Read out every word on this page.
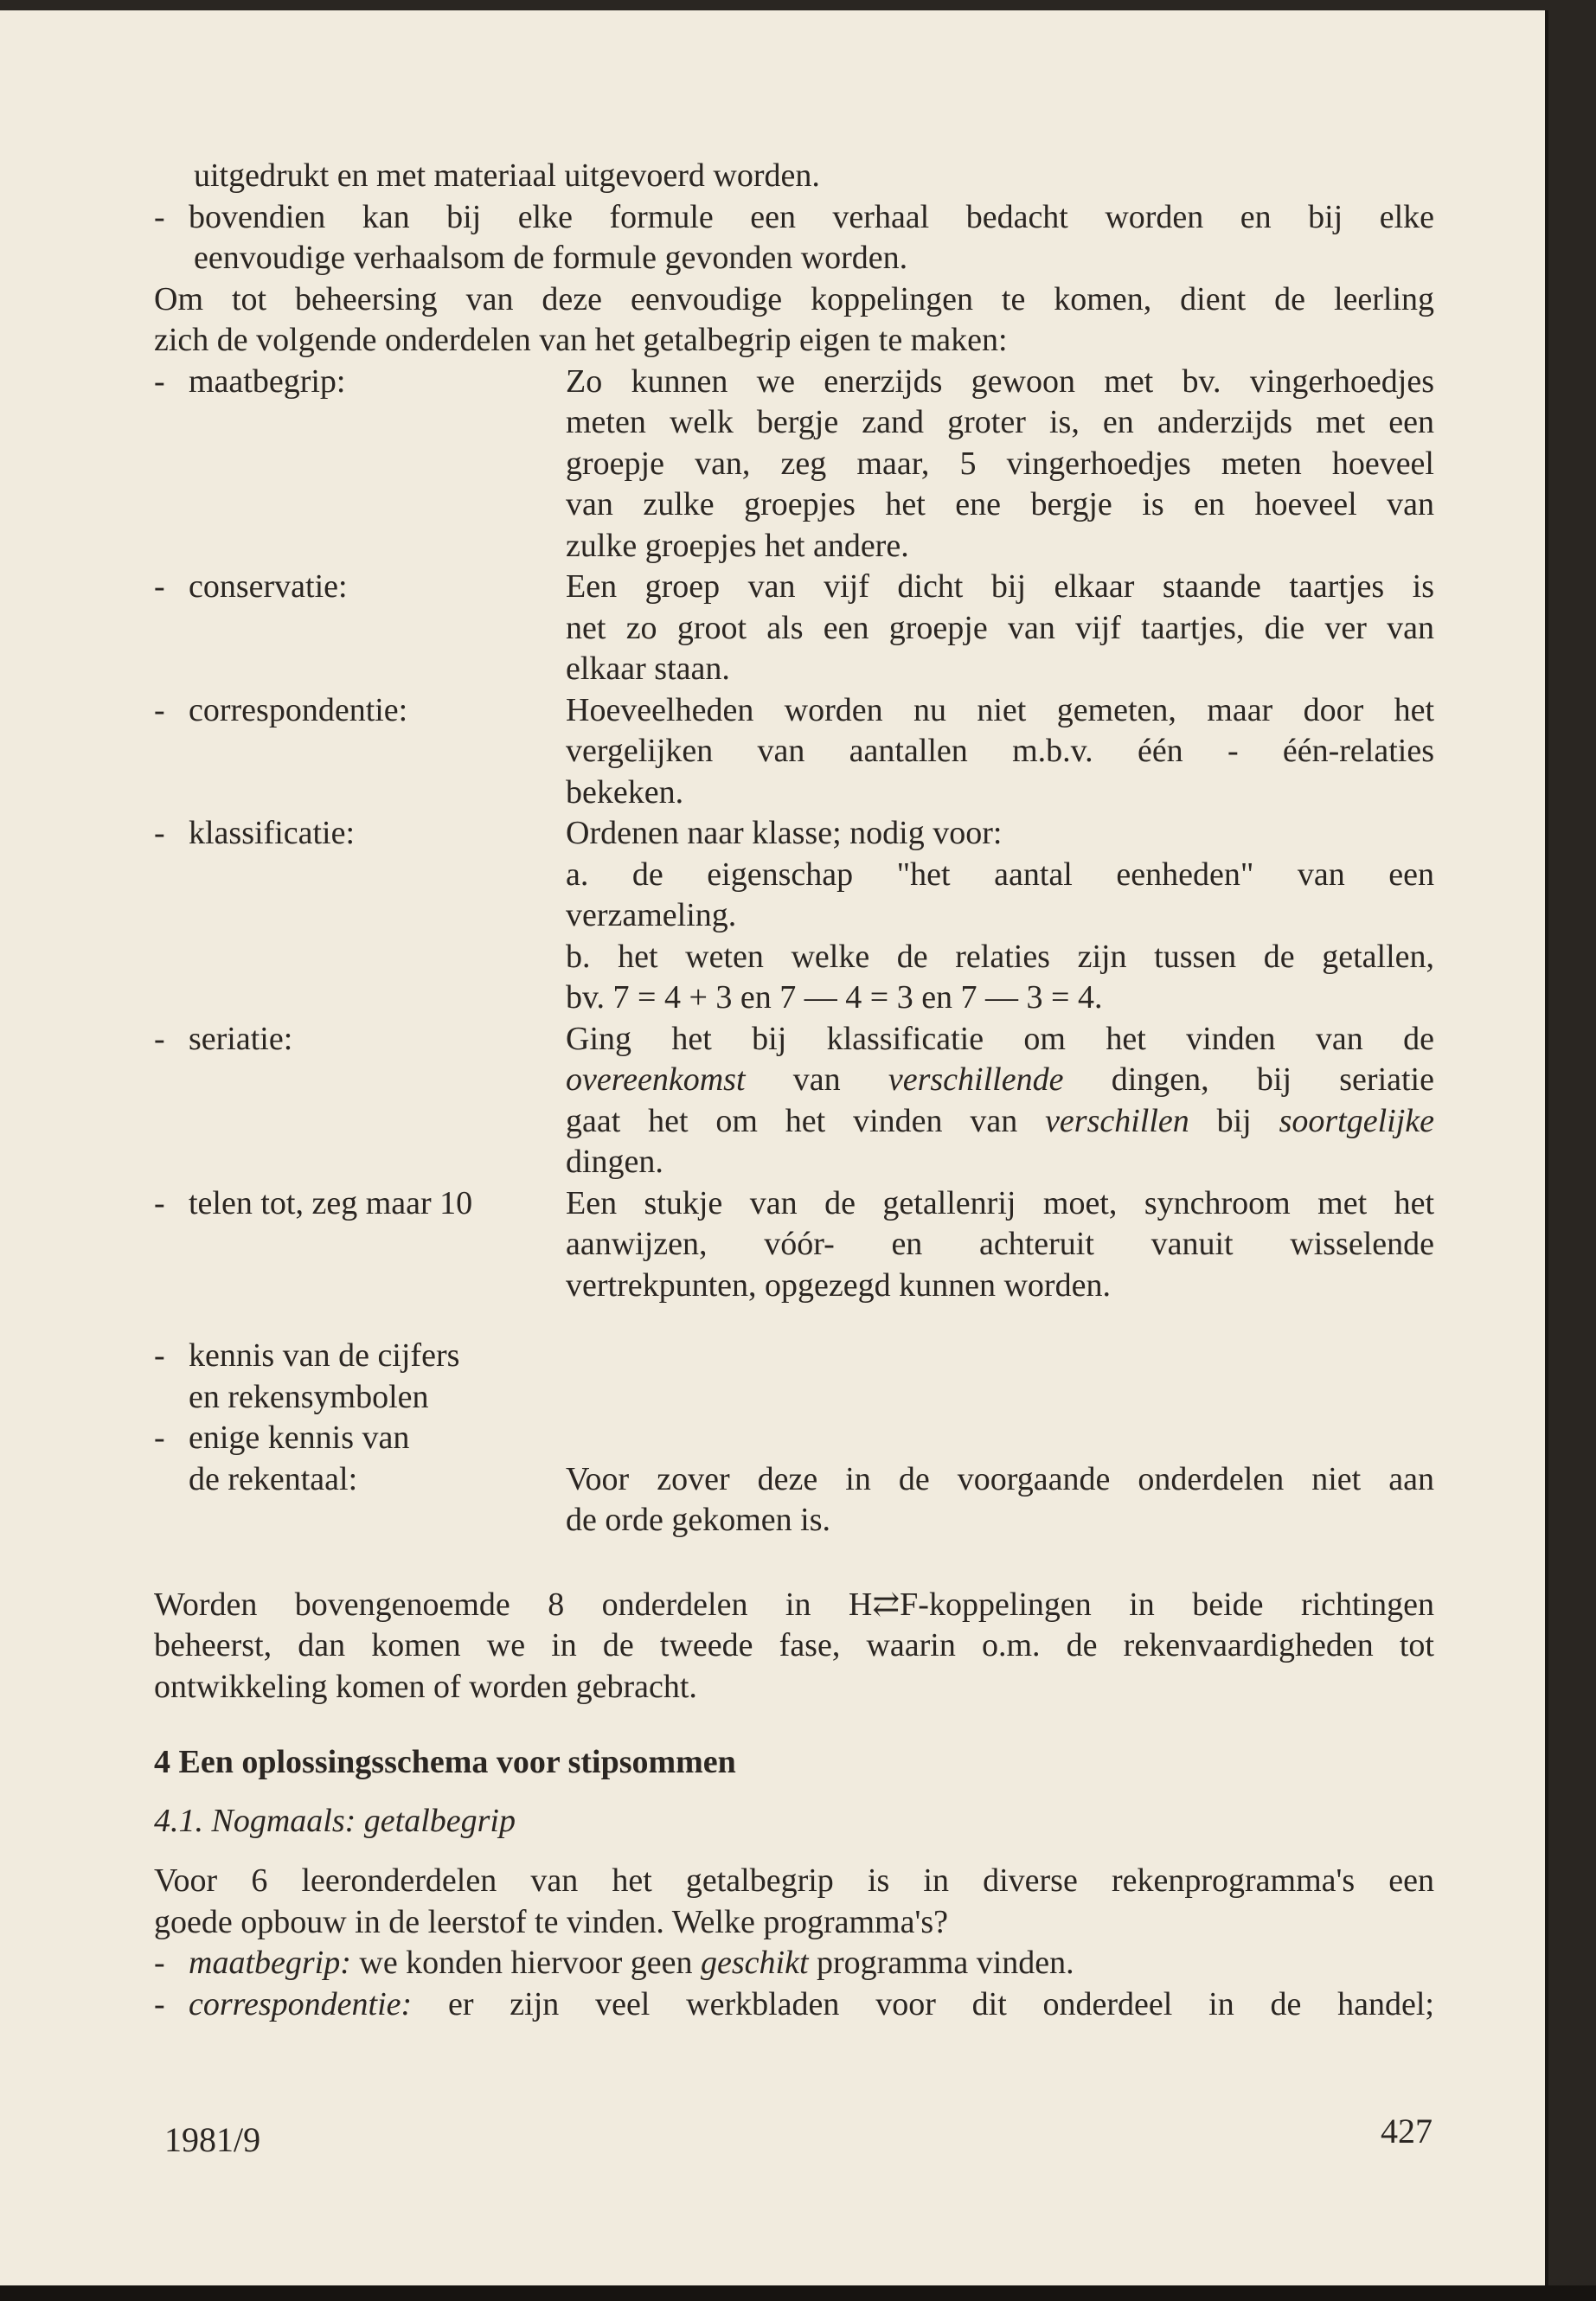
uitgedrukt en met materiaal uitgevoerd worden.
- bovendien kan bij elke formule een verhaal bedacht worden en bij elke
eenvoudige verhaalsom de formule gevonden worden.
Om tot beheersing van deze eenvoudige koppelingen te komen, dient de leerling
zich de volgende onderdelen van het getalbegrip eigen te maken:
- maatbegrip:	Zo kunnen we enerzijds gewoon met bv. vingerhoedjes
meten welk bergje zand groter is, en anderzijds met een
groepje van, zeg maar, 5 vingerhoedjes meten hoeveel
van zulke groepjes het ene bergje is en hoeveel van
zulke groepjes het andere.
- conservatie:	Een groep van vijf dicht bij elkaar staande taartjes is
net zo groot als een groepje van vijf taartjes, die ver van
elkaar staan.
- correspondentie:	Hoeveelheden worden nu niet gemeten, maar door het
vergelijken van aantallen m.b.v. één - één-relaties
bekeken.
- klassificatie:	Ordenen naar klasse; nodig voor:
a. de eigenschap "het aantal eenheden" van een
verzameling.
b. het weten welke de relaties zijn tussen de getallen,
bv. 7 = 4 + 3 en 7 — 4 = 3 en 7 — 3 = 4.
- seriatie:	Ging het bij klassificatie om het vinden van de
overeenkomst van verschillende dingen, bij seriatie
gaat het om het vinden van verschillen bij soortgelijke
dingen.
- telen tot, zeg maar 10	Een stukje van de getallenrij moet, synchroom met het
aanwijzen, vóór- en achteruit vanuit wisselende
vertrekpunten, opgezegd kunnen worden.
- kennis van de cijfers
en rekensymbolen
- enige kennis van
de rekentaal:	Voor zover deze in de voorgaande onderdelen niet aan
de orde gekomen is.
Worden bovengenoemde 8 onderdelen in H⇄F-koppelingen in beide richtingen
beheerst, dan komen we in de tweede fase, waarin o.m. de rekenvaardigheden tot
ontwikkeling komen of worden gebracht.
4 Een oplossingsschema voor stipsommen
4.1. Nogmaals: getalbegrip
Voor 6 leeronderdelen van het getalbegrip is in diverse rekenprogramma's een
goede opbouw in de leerstof te vinden. Welke programma's?
- maatbegrip: we konden hiervoor geen geschikt programma vinden.
- correspondentie: er zijn veel werkbladen voor dit onderdeel in de handel;
1981/9	427
